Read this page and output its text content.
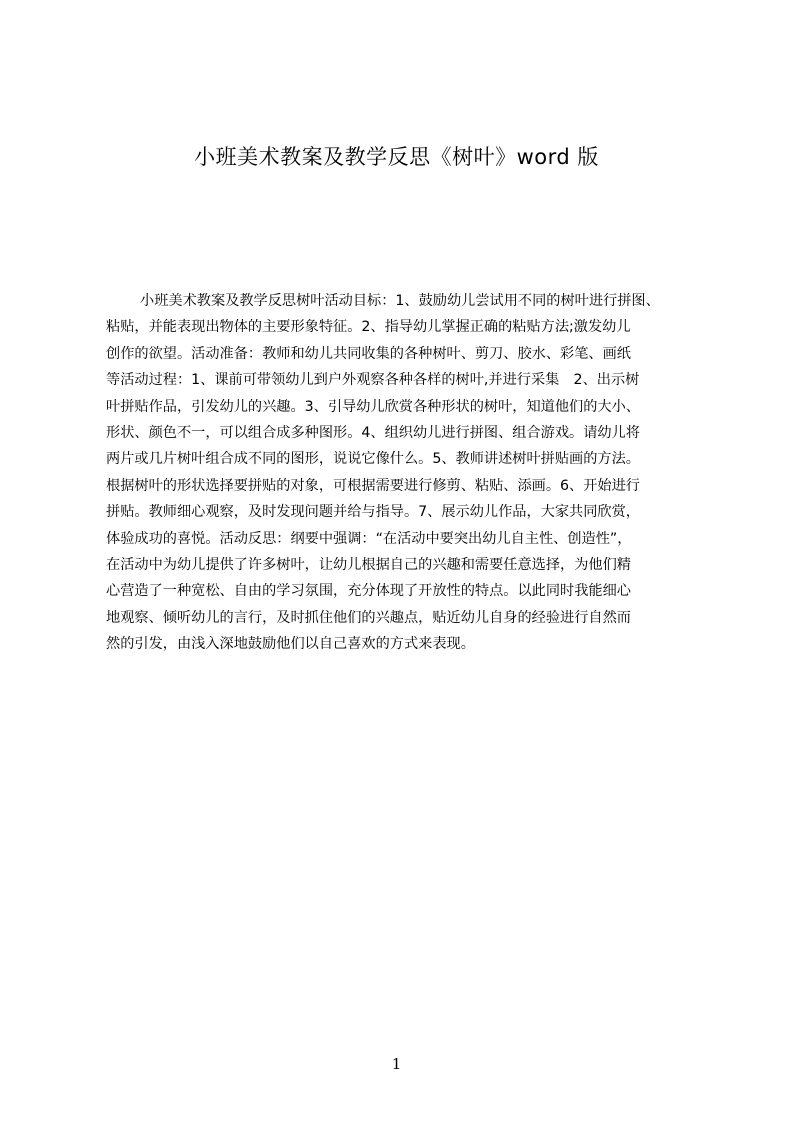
小班美术教案及教学反思《树叶》word 版
小班美术教案及教学反思树叶活动目标：1、鼓励幼儿尝试用不同的树叶进行拼图、
粘贴，并能表现出物体的主要形象特征。2、指导幼儿掌握正确的粘贴方法;激发幼儿
创作的欲望。活动准备：教师和幼儿共同收集的各种树叶、剪刀、胶水、彩笔、画纸
等活动过程：1、课前可带领幼儿到户外观察各种各样的树叶,并进行采集　2、出示树
叶拼贴作品，引发幼儿的兴趣。3、引导幼儿欣赏各种形状的树叶，知道他们的大小、
形状、颜色不一，可以组合成多种图形。4、组织幼儿进行拼图、组合游戏。请幼儿将
两片或几片树叶组合成不同的图形，说说它像什么。5、教师讲述树叶拼贴画的方法。
根据树叶的形状选择要拼贴的对象，可根据需要进行修剪、粘贴、添画。6、开始进行
拼贴。教师细心观察，及时发现问题并给与指导。7、展示幼儿作品，大家共同欣赏，
体验成功的喜悦。活动反思：纲要中强调：“在活动中要突出幼儿自主性、创造性”，
在活动中为幼儿提供了许多树叶，让幼儿根据自己的兴趣和需要任意选择，为他们精
心营造了一种宽松、自由的学习氛围，充分体现了开放性的特点。以此同时我能细心
地观察、倾听幼儿的言行，及时抓住他们的兴趣点，贴近幼儿自身的经验进行自然而
然的引发，由浅入深地鼓励他们以自己喜欢的方式来表现。
1
